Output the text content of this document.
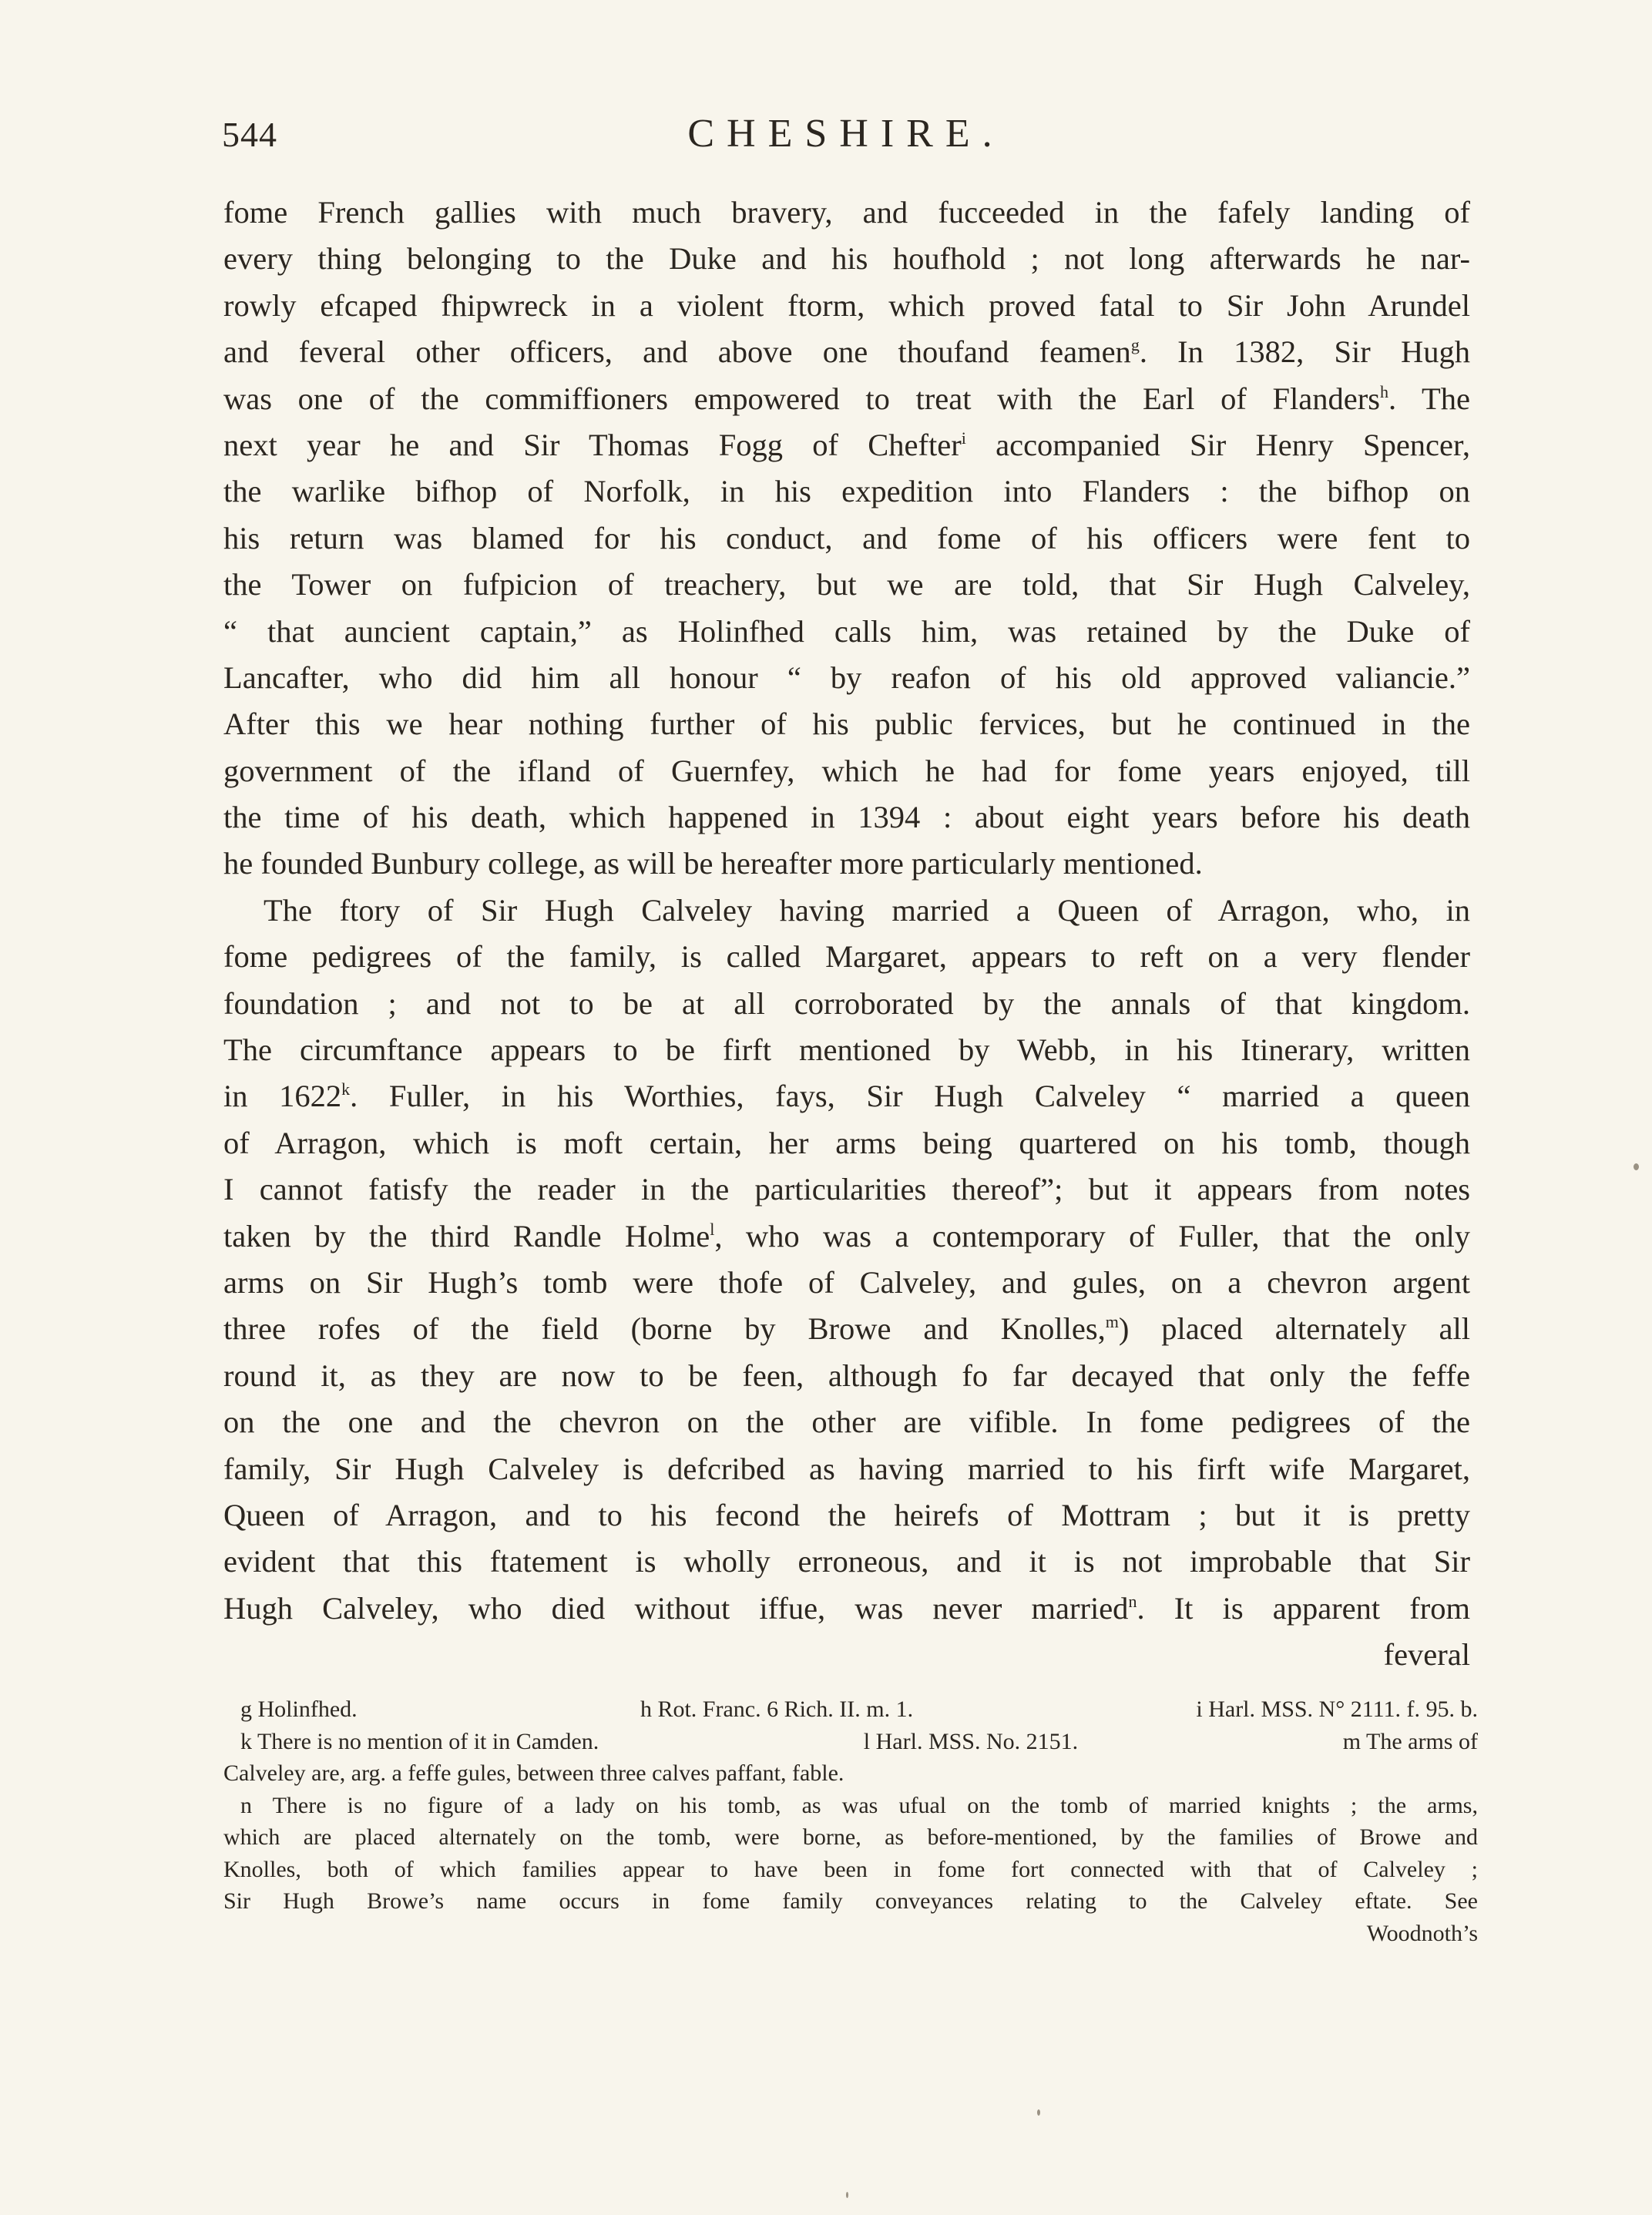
544	CHESHIRE.
fome French gallies with much bravery, and fucceeded in the fafely landing of
every thing belonging to the Duke and his houfhold ; not long afterwards he nar-
rowly efcaped fhipwreck in a violent ftorm, which proved fatal to Sir John Arundel
and feveral other officers, and above one thoufand feamen$^g$. In 1382, Sir Hugh
was one of the commiffioners empowered to treat with the Earl of Flanders$^h$. The
next year he and Sir Thomas Fogg of Chefter$^i$ accompanied Sir Henry Spencer,
the warlike bifhop of Norfolk, in his expedition into Flanders : the bifhop on
his return was blamed for his conduct, and fome of his officers were fent to
the Tower on fufpicion of treachery, but we are told, that Sir Hugh Calveley,
“ that auncient captain,” as Holinfhed calls him, was retained by the Duke of
Lancafter, who did him all honour “ by reafon of his old approved valiancie.”
After this we hear nothing further of his public fervices, but he continued in the
government of the ifland of Guernfey, which he had for fome years enjoyed, till
the time of his death, which happened in 1394 : about eight years before his death
he founded Bunbury college, as will be hereafter more particularly mentioned.
The ftory of Sir Hugh Calveley having married a Queen of Arragon, who, in
fome pedigrees of the family, is called Margaret, appears to reft on a very flender
foundation ; and not to be at all corroborated by the annals of that kingdom.
The circumftance appears to be firft mentioned by Webb, in his Itinerary, written
in 1622$^k$. Fuller, in his Worthies, fays, Sir Hugh Calveley “ married a queen
of Arragon, which is moft certain, her arms being quartered on his tomb, though
I cannot fatisfy the reader in the particularities thereof”; but it appears from notes
taken by the third Randle Holme$^l$, who was a contemporary of Fuller, that the only
arms on Sir Hugh’s tomb were thofe of Calveley, and gules, on a chevron argent
three rofes of the field (borne by Browe and Knolles,$^m$) placed alternately all
round it, as they are now to be feen, although fo far decayed that only the feffe
on the one and the chevron on the other are vifible. In fome pedigrees of the
family, Sir Hugh Calveley is defcribed as having married to his firft wife Margaret,
Queen of Arragon, and to his fecond the heirefs of Mottram ; but it is pretty
evident that this ftatement is wholly erroneous, and it is not improbable that Sir
Hugh Calveley, who died without iffue, was never married$^n$. It is apparent from
feveral
g Holinfhed.	h Rot. Franc. 6 Rich. II. m. 1.	i Harl. MSS. N° 2111. f. 95. b.
k There is no mention of it in Camden.	l Harl. MSS. No. 2151.	m The arms of
Calveley are, arg. a feffe gules, between three calves paffant, fable.
n There is no figure of a lady on his tomb, as was ufual on the tomb of married knights ; the arms,
which are placed alternately on the tomb, were borne, as before-mentioned, by the families of Browe and
Knolles, both of which families appear to have been in fome fort connected with that of Calveley ;
Sir Hugh Browe’s name occurs in fome family conveyances relating to the Calveley eftate. See
Woodnoth’s
